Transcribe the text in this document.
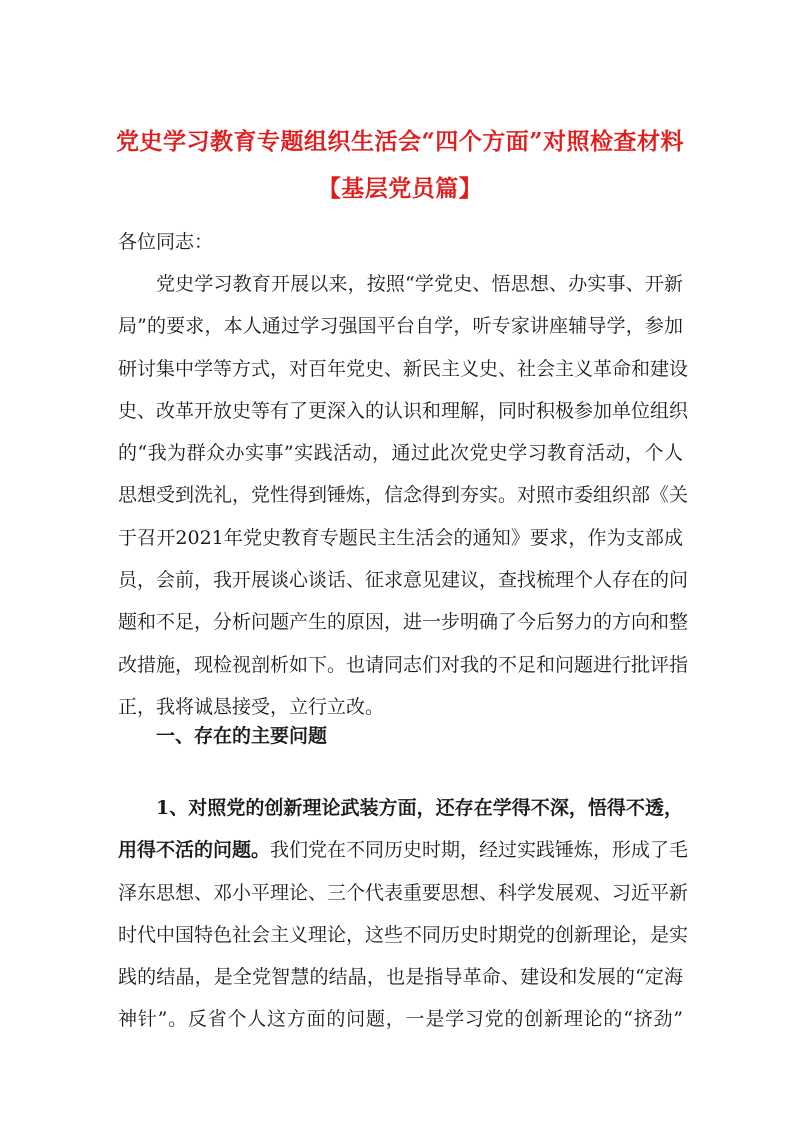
党史学习教育专题组织生活会“四个方面”对照检查材料
【基层党员篇】
各位同志：
党史学习教育开展以来，按照“学党史、悟思想、办实事、开新
局”的要求，本人通过学习强国平台自学，听专家讲座辅导学，参加
研讨集中学等方式，对百年党史、新民主义史、社会主义革命和建设
史、改革开放史等有了更深入的认识和理解，同时积极参加单位组织
的“我为群众办实事”实践活动，通过此次党史学习教育活动，个人
思想受到洗礼，党性得到锤炼，信念得到夯实。对照市委组织部《关
于召开2021年党史教育专题民主生活会的通知》要求，作为支部成
员，会前，我开展谈心谈话、征求意见建议，查找梳理个人存在的问
题和不足，分析问题产生的原因，进一步明确了今后努力的方向和整
改措施，现检视剖析如下。也请同志们对我的不足和问题进行批评指
正，我将诚恳接受，立行立改。
一、存在的主要问题
1、对照党的创新理论武装方面，还存在学得不深，悟得不透，
用得不活的问题。我们党在不同历史时期，经过实践锤炼，形成了毛
泽东思想、邓小平理论、三个代表重要思想、科学发展观、习近平新
时代中国特色社会主义理论，这些不同历史时期党的创新理论，是实
践的结晶，是全党智慧的结晶，也是指导革命、建设和发展的“定海
神针”。反省个人这方面的问题，一是学习党的创新理论的“挤劲”
